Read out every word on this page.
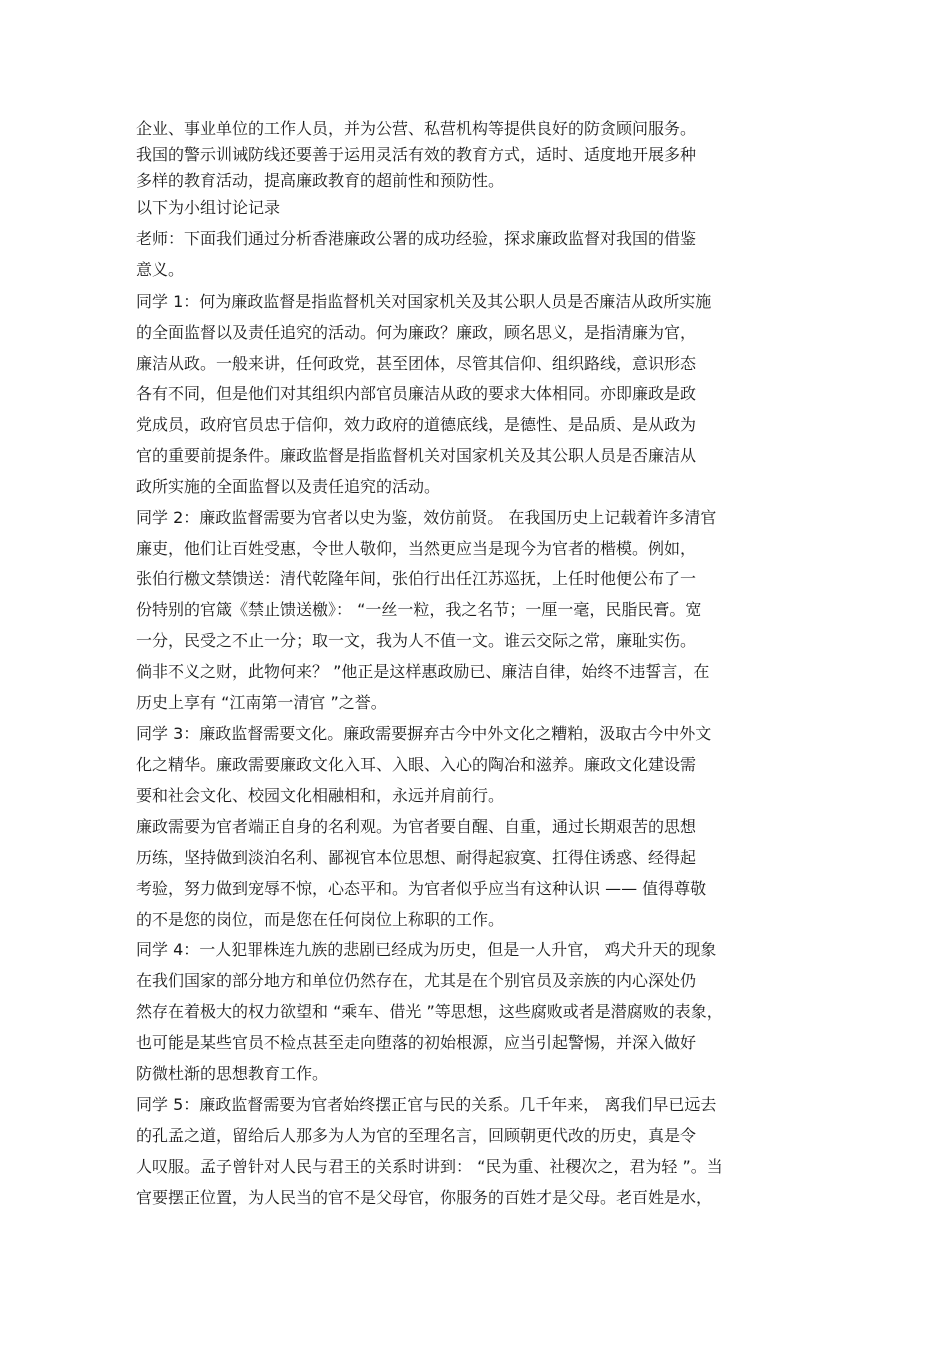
企业、事业单位的工作人员，并为公营、私营机构等提供良好的防贪顾问服务。
我国的警示训诫防线还要善于运用灵活有效的教育方式，适时、适度地开展多种
多样的教育活动，提高廉政教育的超前性和预防性。
以下为小组讨论记录
老师：下面我们通过分析香港廉政公署的成功经验，探求廉政监督对我国的借鉴
意义。
同学 1：何为廉政监督是指监督机关对国家机关及其公职人员是否廉洁从政所实施
的全面监督以及责任追究的活动。何为廉政？廉政，顾名思义，是指清廉为官，
廉洁从政。一般来讲，任何政党，甚至团体，尽管其信仰、组织路线，意识形态
各有不同，但是他们对其组织内部官员廉洁从政的要求大体相同。亦即廉政是政
党成员，政府官员忠于信仰，效力政府的道德底线，是德性、是品质、是从政为
官的重要前提条件。廉政监督是指监督机关对国家机关及其公职人员是否廉洁从
政所实施的全面监督以及责任追究的活动。
同学 2：廉政监督需要为官者以史为鉴，效仿前贤。 在我国历史上记载着许多清官
廉吏，他们让百姓受惠，令世人敬仰，当然更应当是现今为官者的楷模。例如，
张伯行檄文禁馈送：清代乾隆年间，张伯行出任江苏巡抚，上任时他便公布了一
份特别的官箴《禁止馈送檄》： “一丝一粒，我之名节；一厘一毫，民脂民膏。宽
一分，民受之不止一分；取一文，我为人不值一文。谁云交际之常，廉耻实伤。
倘非不义之财，此物何来？ ”他正是这样惠政励已、廉洁自律，始终不违誓言，在
历史上享有 “江南第一清官 ”之誉。
同学 3：廉政监督需要文化。廉政需要摒弃古今中外文化之糟粕，汲取古今中外文
化之精华。廉政需要廉政文化入耳、入眼、入心的陶冶和滋养。廉政文化建设需
要和社会文化、校园文化相融相和，永远并肩前行。
廉政需要为官者端正自身的名利观。为官者要自醒、自重，通过长期艰苦的思想
历练，坚持做到淡泊名利、鄙视官本位思想、耐得起寂寞、扛得住诱惑、经得起
考验，努力做到宠辱不惊，心态平和。为官者似乎应当有这种认识 —— 值得尊敬
的不是您的岗位，而是您在任何岗位上称职的工作。
同学 4：一人犯罪株连九族的悲剧已经成为历史，但是一人升官， 鸡犬升天的现象
在我们国家的部分地方和单位仍然存在，尤其是在个别官员及亲族的内心深处仍
然存在着极大的权力欲望和 “乘车、借光 ”等思想，这些腐败或者是潜腐败的表象，
也可能是某些官员不检点甚至走向堕落的初始根源，应当引起警惕，并深入做好
防微杜渐的思想教育工作。
同学 5：廉政监督需要为官者始终摆正官与民的关系。几千年来， 离我们早已远去
的孔孟之道，留给后人那多为人为官的至理名言，回顾朝更代改的历史，真是令
人叹服。孟子曾针对人民与君王的关系时讲到： “民为重、社稷次之，君为轻 ”。当
官要摆正位置，为人民当的官不是父母官，你服务的百姓才是父母。老百姓是水，
